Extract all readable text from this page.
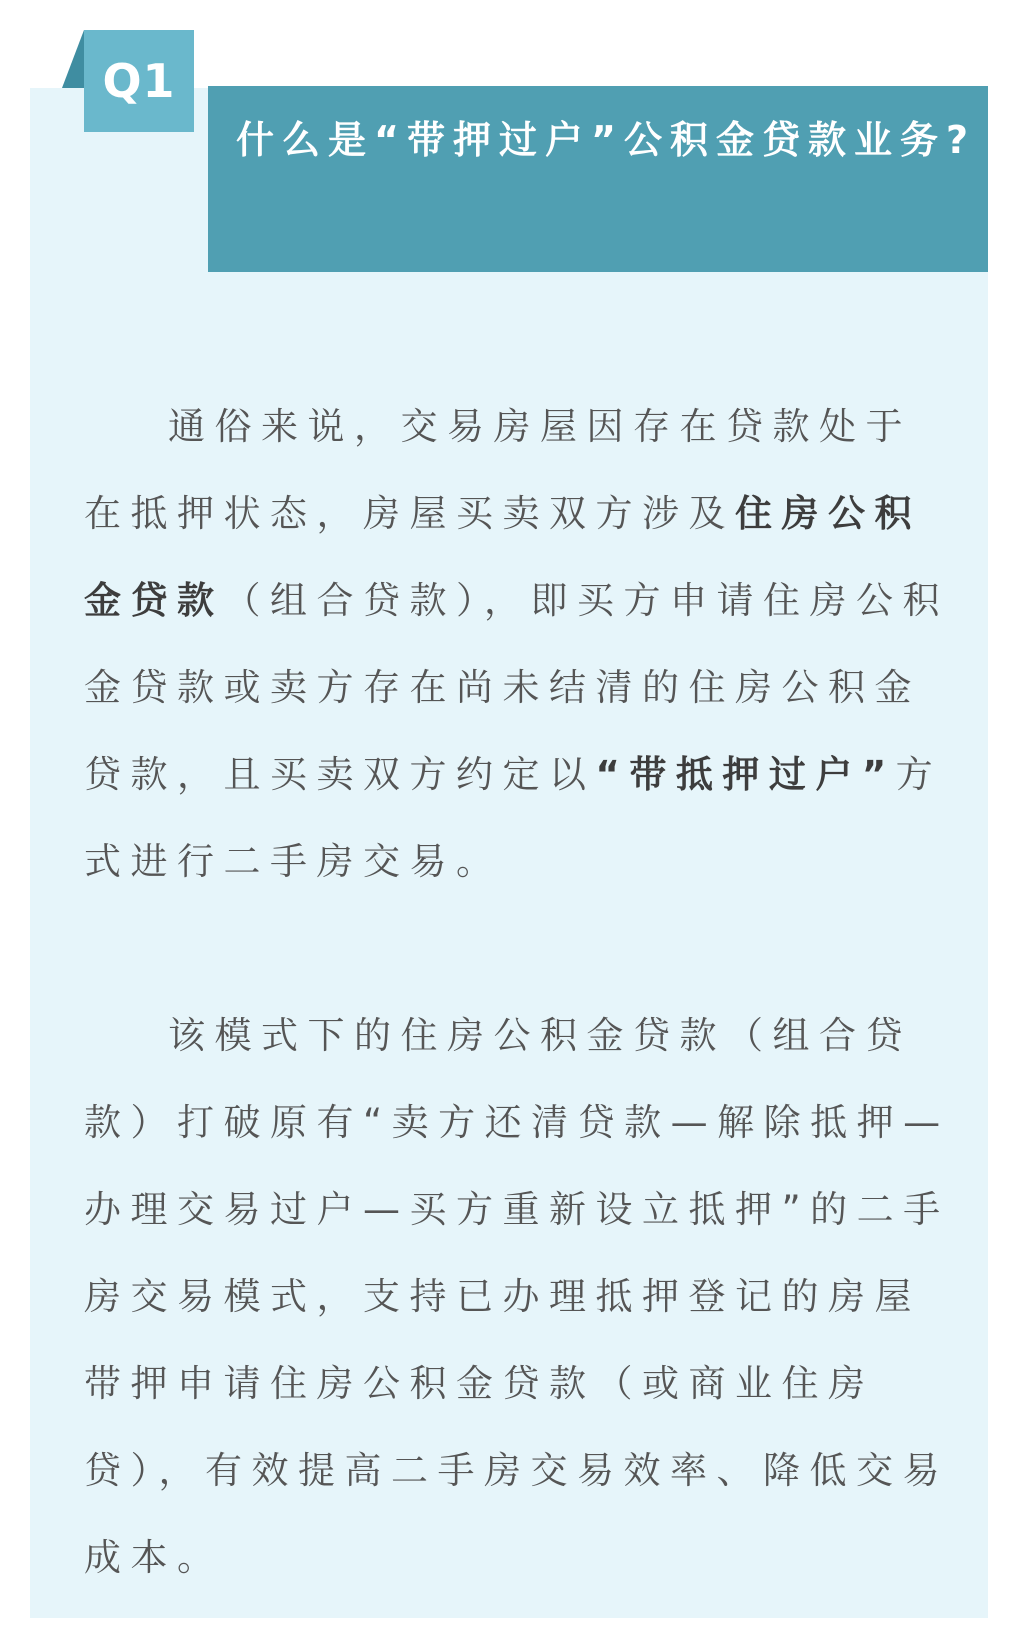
Q1
什么是“带押过户”公积金贷款业务?

通俗来说，交易房屋因存在贷款处于在抵押状态，房屋买卖双方涉及住房公积金贷款（组合贷款），即买方申请住房公积金贷款或卖方存在尚未结清的住房公积金贷款，且买卖双方约定以“带抵押过户”方式进行二手房交易。

该模式下的住房公积金贷款（组合贷款）打破原有“卖方还清贷款—解除抵押—办理交易过户—买方重新设立抵押”的二手房交易模式，支持已办理抵押登记的房屋带押申请住房公积金贷款（或商业住房贷），有效提高二手房交易效率、降低交易成本。
